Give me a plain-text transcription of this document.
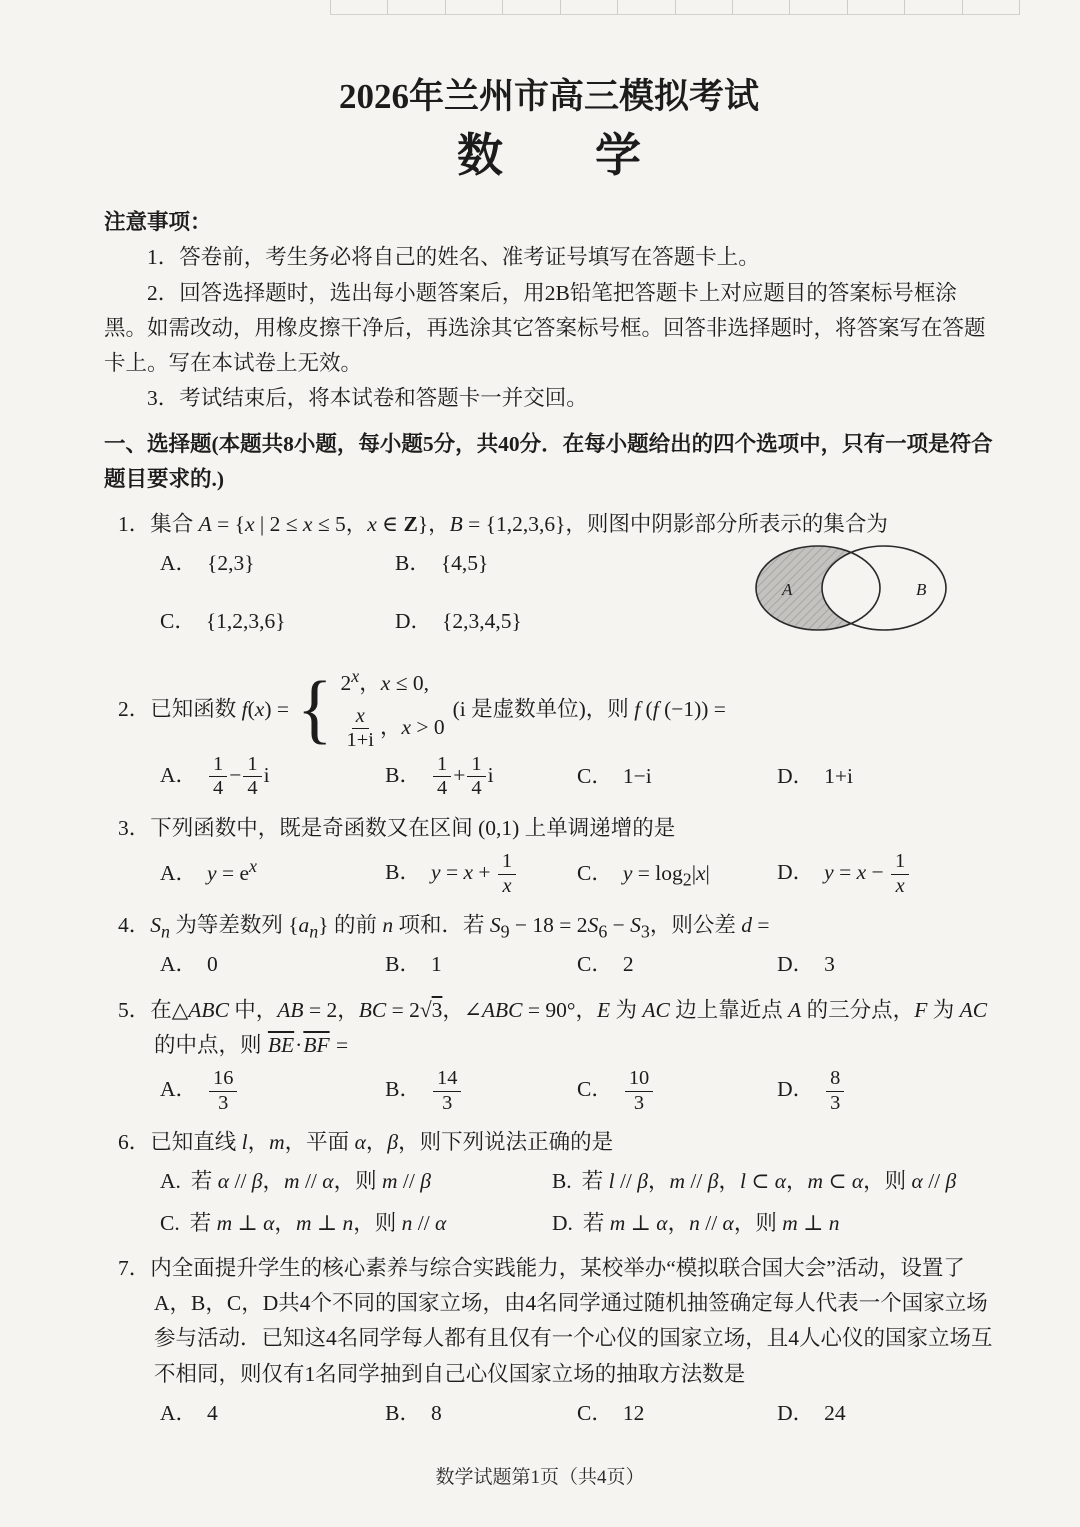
2026年兰州市高三模拟考试
数　　学

注意事项：

1．答卷前，考生务必将自己的姓名、准考证号填写在答题卡上。

2．回答选择题时，选出每小题答案后，用2B铅笔把答题卡上对应题目的答案标号框涂黑。如需改动，用橡皮擦干净后，再选涂其它答案标号框。回答非选择题时，将答案写在答题卡上。写在本试卷上无效。

3．考试结束后，将本试卷和答题卡一并交回。

一、选择题(本题共8小题，每小题5分，共40分．在每小题给出的四个选项中，只有一项是符合题目要求的.)

1．集合 A = {x | 2 ≤ x ≤ 5，x ∈ Z}，B = {1,2,3,6}，则图中阴影部分所表示的集合为

A． {2,3}	B． {4,5}
C． {1,2,3,6}	D． {2,3,4,5}
A	B
2．已知函数 f(x) = { 2$^x$，x ≤ 0,
$\frac{x}{1+i}$ ，x > 0
(i 是虚数单位)，则 f (f (−1)) =
A． $\frac{1}{4} - \frac{1}{4}$ i	B． $\frac{1}{4} + \frac{1}{4}$ i	C． 1−i	D． 1+i

3．下列函数中，既是奇函数又在区间 (0,1) 上单调递增的是

A． $y = e^x$	B． $y = x + \frac{1}{x}$	C． $y = \log_2|x|$	D． $y = x - \frac{1}{x}$

4．$S_n$ 为等差数列 $\{a_n\}$ 的前 n 项和．若 $S_9 - 18 = 2S_6 - S_3$，则公差 d =

A． 0	B． 1	C． 2	D． 3

5．在△ABC 中，AB = 2，BC = 2√3，∠ABC = 90°，E 为 AC 边上靠近点 A 的三分点，F 为 AC 的中点，则 $\overline{BE}\cdot\overline{BF}$ =

A． $\frac{16}{3}$	B． $\frac{14}{3}$	C． $\frac{10}{3}$	D． $\frac{8}{3}$

6．已知直线 l，m，平面 α，β，则下列说法正确的是

A. 若 α // β，m // α，则 m // β	B. 若 l // β，m // β，l ⊂ α，m ⊂ α，则 α // β
C. 若 m ⊥ α，m ⊥ n，则 n // α	D. 若 m ⊥ α，n // α，则 m ⊥ n

7．内全面提升学生的核心素养与综合实践能力，某校举办“模拟联合国大会”活动，设置了A，B，C，D共4个不同的国家立场，由4名同学通过随机抽签确定每人代表一个国家立场参与活动．已知这4名同学每人都有且仅有一个心仪的国家立场，且4人心仪的国家立场互不相同，则仅有1名同学抽到自己心仪国家立场的抽取方法数是

A． 4	B． 8	C． 12	D． 24
数学试题第1页（共4页）
